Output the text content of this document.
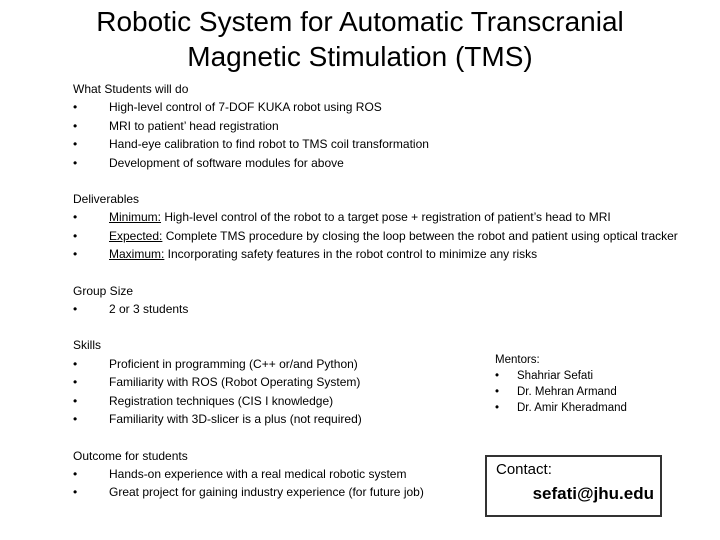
Robotic System for Automatic Transcranial
Magnetic Stimulation (TMS)
What Students will do
•	High-level control of 7-DOF KUKA robot using ROS
•	MRI to patient’ head registration
•	Hand-eye calibration to find robot to TMS coil transformation
•	Development of software modules for above
Deliverables
•	Minimum: High-level control of the robot to a target pose + registration of patient’s head to MRI
•	Expected: Complete TMS procedure by closing the loop between the robot and patient using optical tracker
•	Maximum: Incorporating safety features in the robot control to minimize any risks
Group Size
•	2 or 3 students
Skills
•	Proficient in programming (C++ or/and Python)
•	Familiarity with ROS (Robot Operating System)
•	Registration techniques (CIS I knowledge)
•	Familiarity with 3D-slicer is a plus (not required)
Outcome for students
•	Hands-on experience with a real medical robotic system
•	Great project for gaining industry experience (for future job)
Mentors:
•	Shahriar Sefati
•	Dr. Mehran Armand
•	Dr. Amir Kheradmand
Contact:
sefati@jhu.edu
